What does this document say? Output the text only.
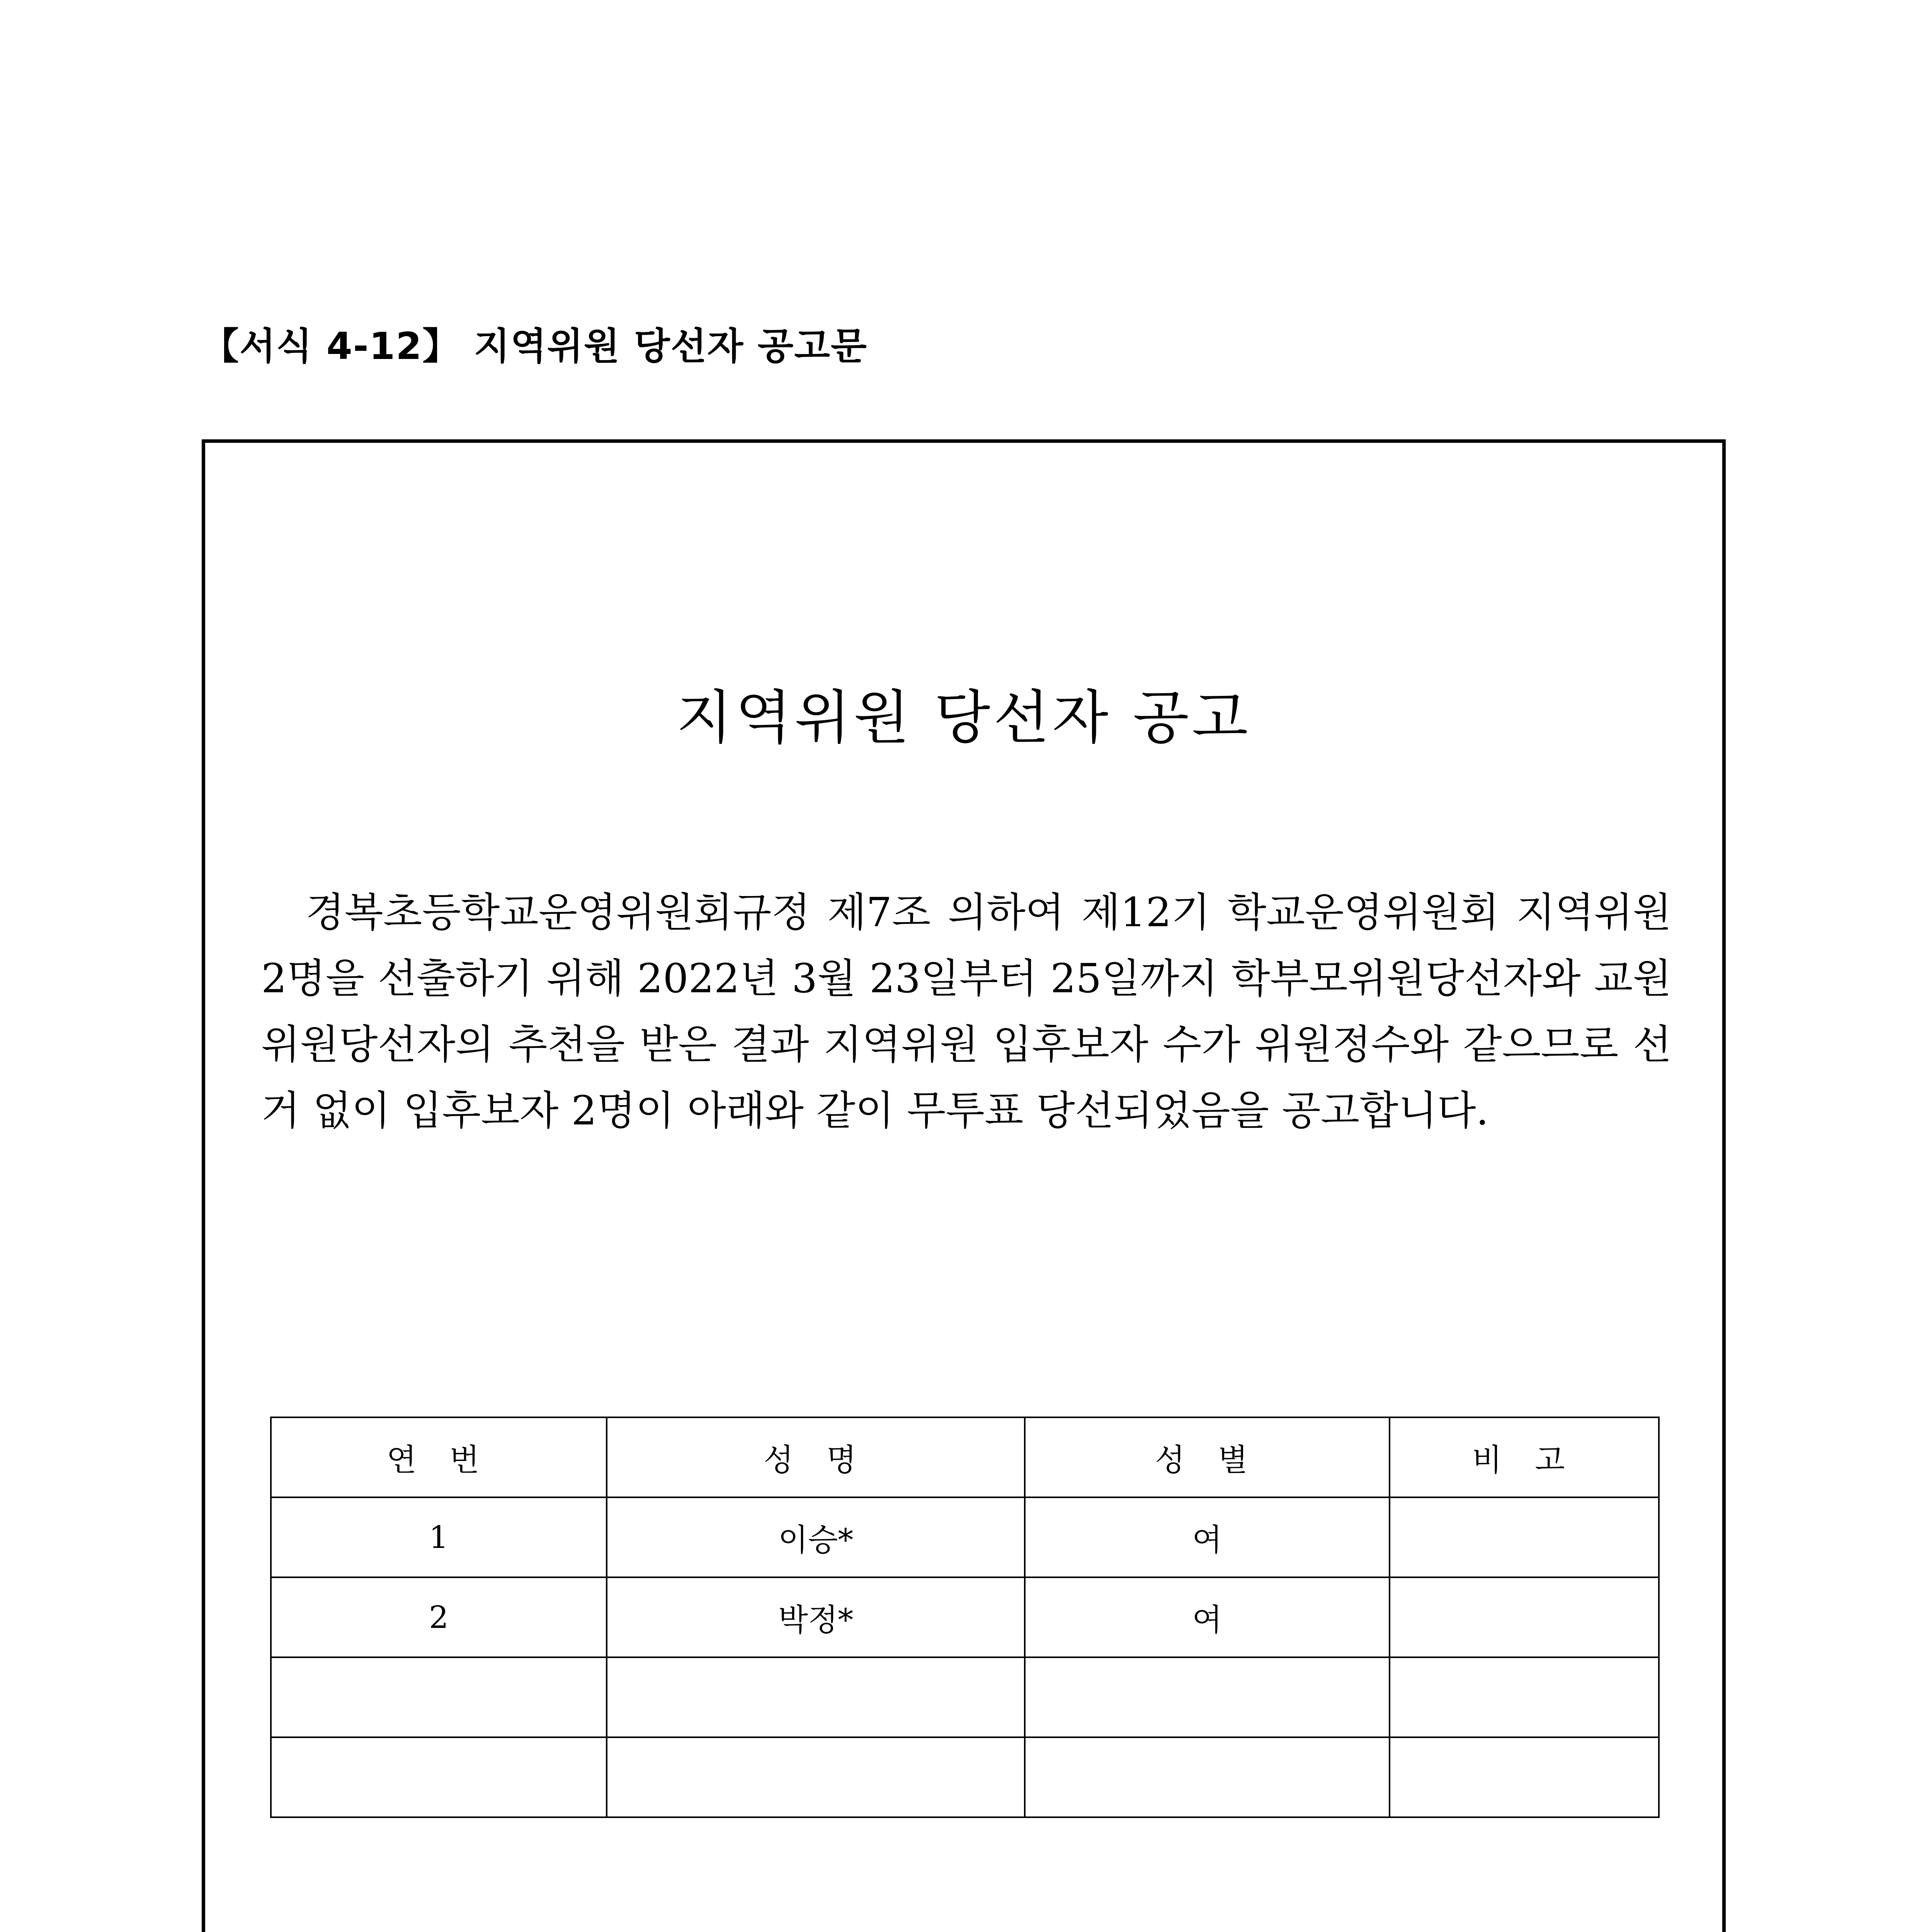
【서식 4-12】 지역위원 당선자 공고문
지역위원 당선자 공고
경복초등학교운영위원회규정 제7조 의하여 제12기 학교운영위원회 지역위원 2명을 선출하기 위해 2022년 3월 23일부터 25일까지 학부모위원당선자와 교원위원당선자의 추천을 받은 결과 지역위원 입후보자 수가 위원정수와 같으므로 선거 없이 입후보자 2명이 아래와 같이 무투표 당선되었음을 공고합니다.
연 번	성 명	성 별	비 고
1	이승*	여	
2	박정*	여	
